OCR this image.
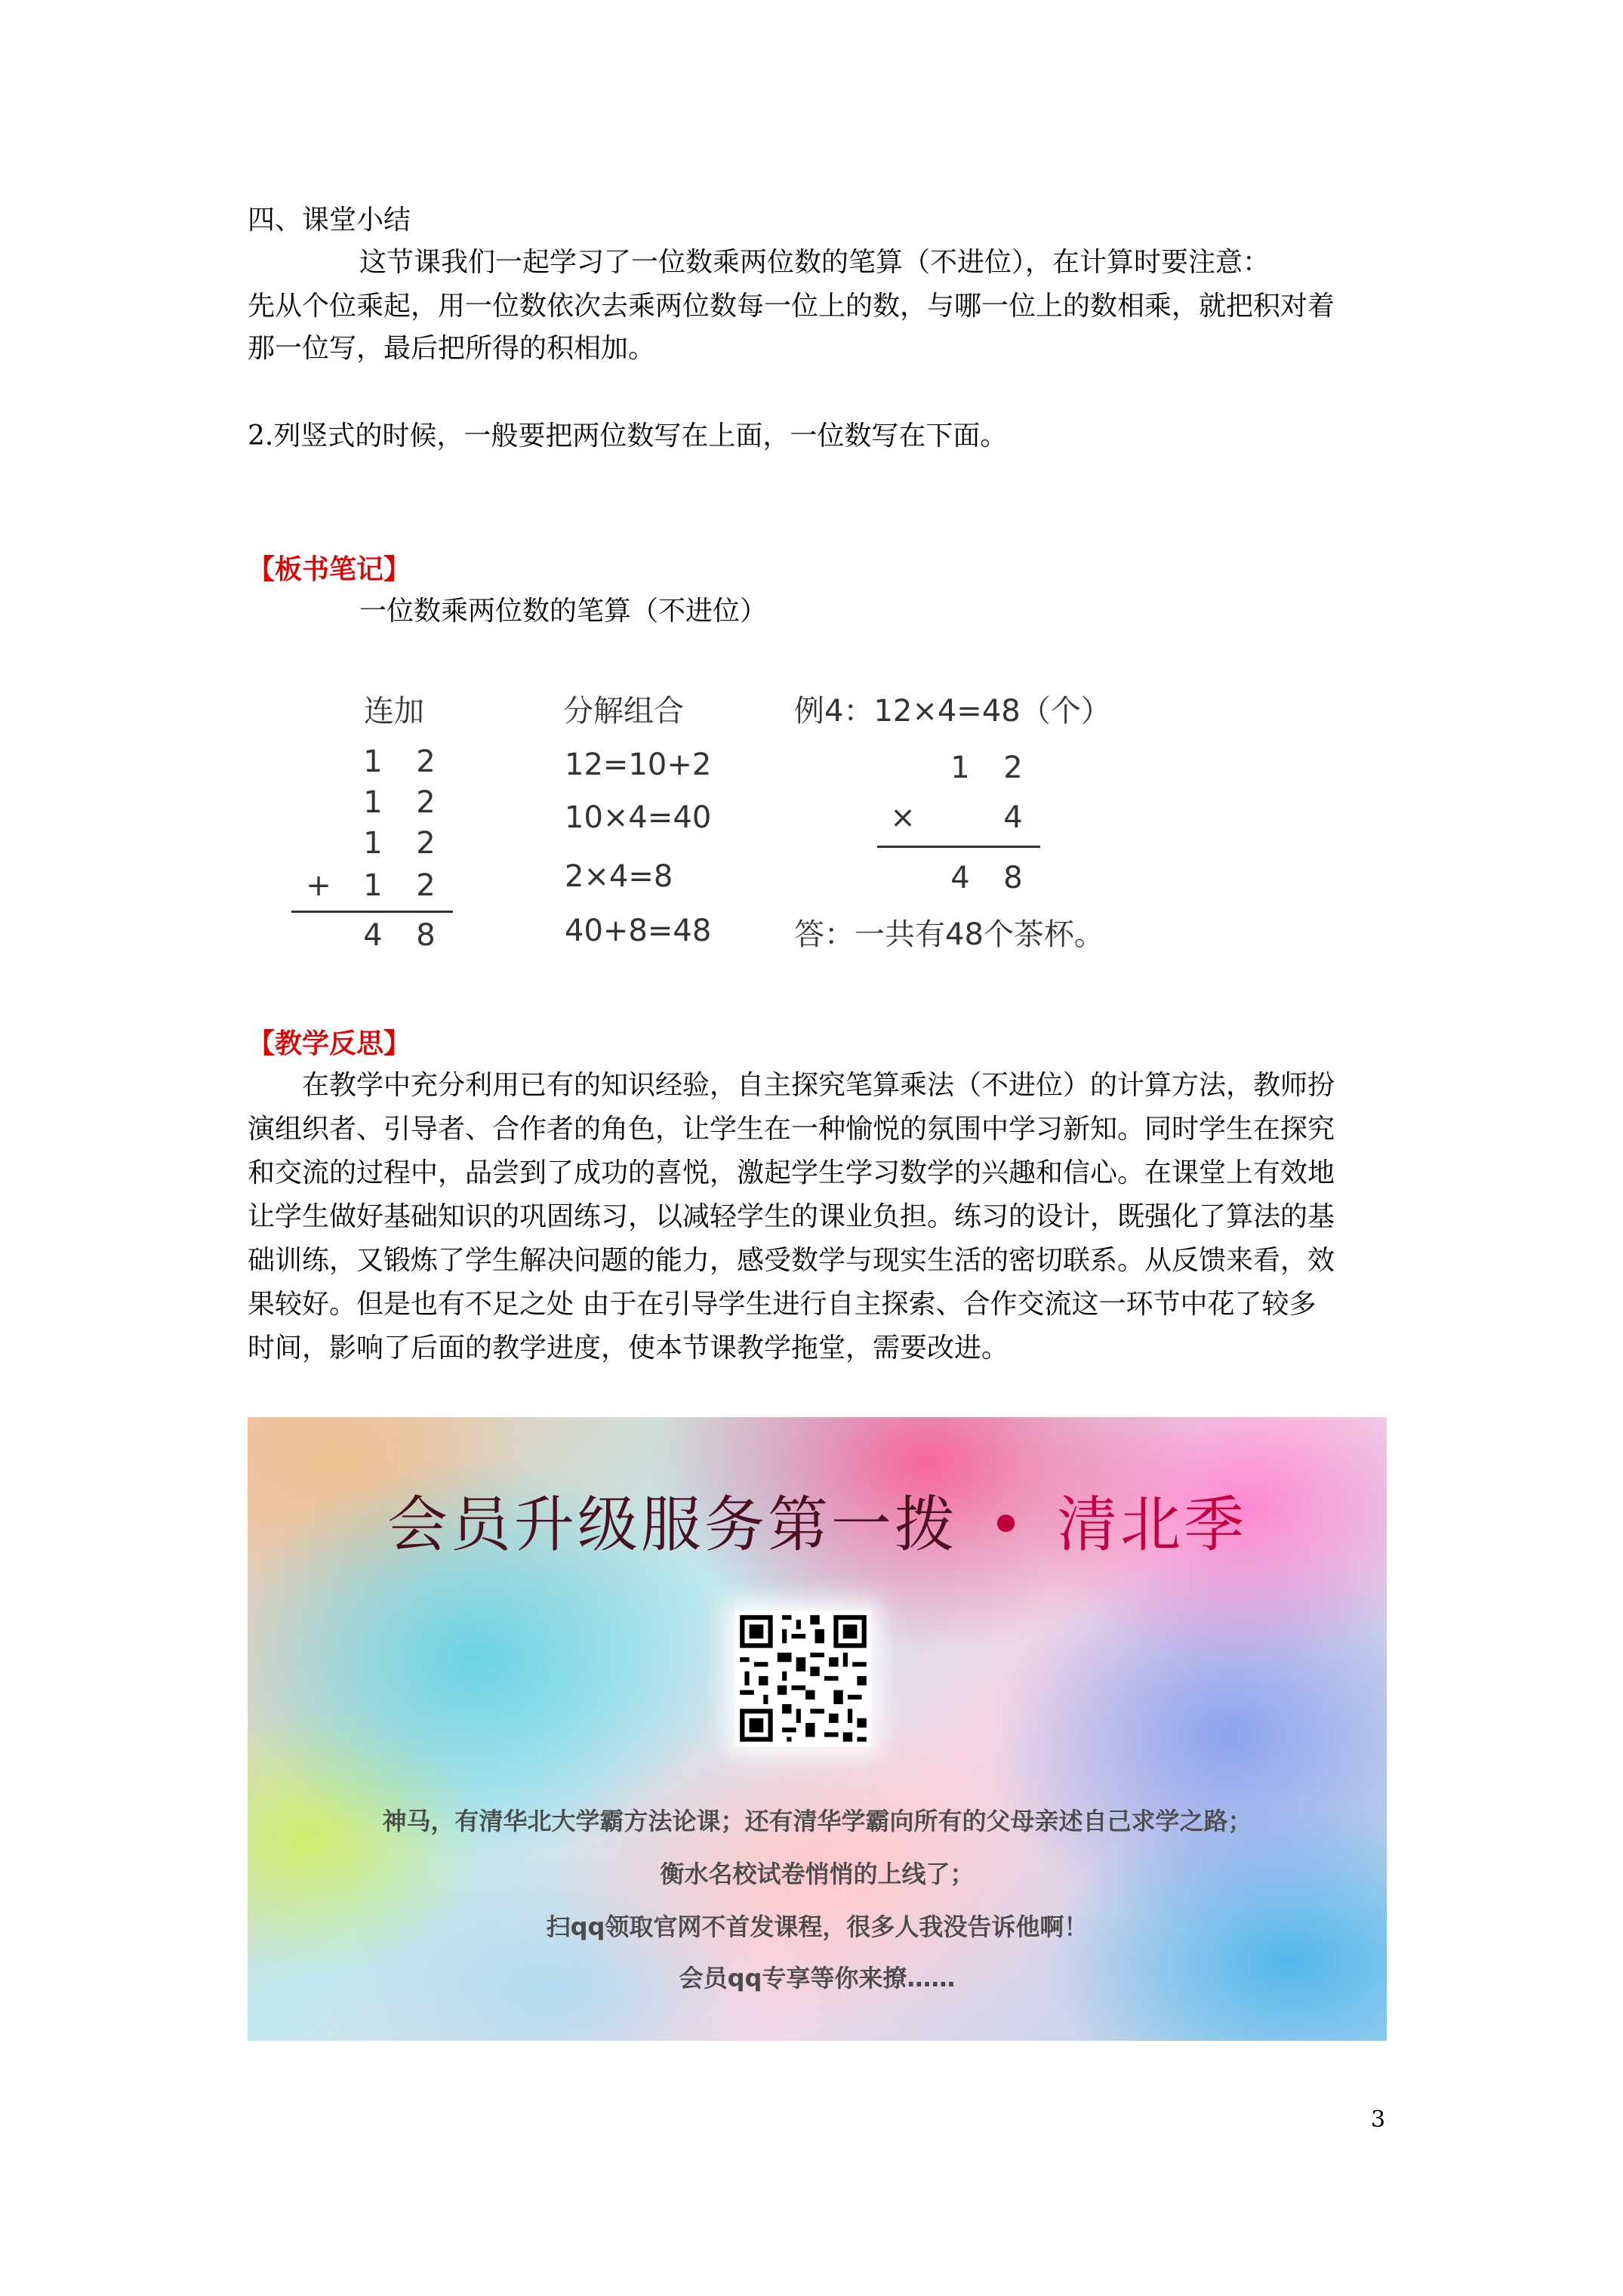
四、课堂小结

这节课我们一起学习了一位数乘两位数的笔算（不进位），在计算时要注意：

先从个位乘起，用一位数依次去乘两位数每一位上的数，与哪一位上的数相乘，就把积对着

那一位写，最后把所得的积相加。

2.列竖式的时候，一般要把两位数写在上面，一位数写在下面。

【板书笔记】

一位数乘两位数的笔算（不进位）

连加
1 2
1 2
1 2
+ 1 2
4 8
分解组合
12=10+2
10×4=40
2×4=8
40+8=48
例4：12×4=48（个）
1 2
×	4
4 8
答：一共有48个茶杯。

【教学反思】

在教学中充分利用已有的知识经验，自主探究笔算乘法（不进位）的计算方法，教师扮

演组织者、引导者、合作者的角色，让学生在一种愉悦的氛围中学习新知。同时学生在探究

和交流的过程中，品尝到了成功的喜悦，激起学生学习数学的兴趣和信心。在课堂上有效地

让学生做好基础知识的巩固练习，以减轻学生的课业负担。练习的设计，既强化了算法的基

础训练，又锻炼了学生解决问题的能力，感受数学与现实生活的密切联系。从反馈来看，效

果较好。但是也有不足之处 由于在引导学生进行自主探索、合作交流这一环节中花了较多

时间，影响了后面的教学进度，使本节课教学拖堂，需要改进。

会员升级服务第一拨 • 清北季
神马，有清华北大学霸方法论课；还有清华学霸向所有的父母亲述自己求学之路；
衡水名校试卷悄悄的上线了；
扫qq领取官网不首发课程，很多人我没告诉他啊！
会员qq专享等你来撩……
3
